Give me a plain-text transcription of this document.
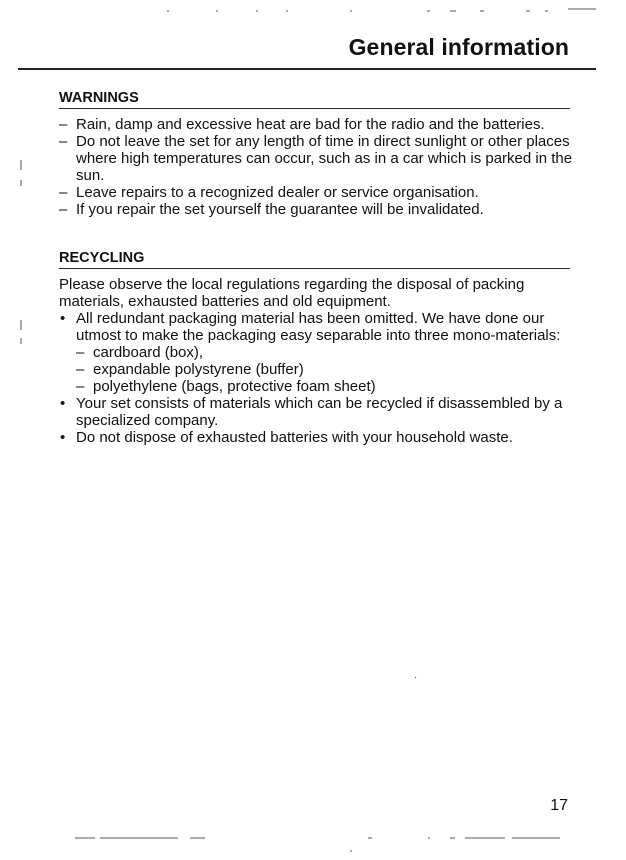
General information
WARNINGS
– Rain, damp and excessive heat are bad for the radio and the batteries.
– Do not leave the set for any length of time in direct sunlight or other places where high temperatures can occur, such as in a car which is parked in the sun.
– Leave repairs to a recognized dealer or service organisation.
– If you repair the set yourself the guarantee will be invalidated.
RECYCLING

Please observe the local regulations regarding the disposal of packing materials, exhausted batteries and old equipment.

• All redundant packaging material has been omitted. We have done our utmost to make the packaging easy separable into three mono-materials:
– cardboard (box),
– expandable polystyrene (buffer)
– polyethylene (bags, protective foam sheet)
• Your set consists of materials which can be recycled if disassembled by a specialized company.
• Do not dispose of exhausted batteries with your household waste.

17
